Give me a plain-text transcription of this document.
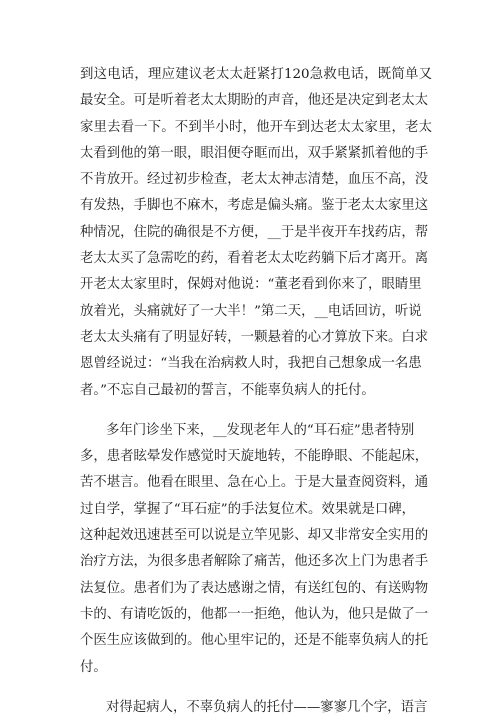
到这电话，理应建议老太太赶紧打120急救电话，既简单又
最安全。可是听着老太太期盼的声音，他还是决定到老太太
家里去看一下。不到半小时，他开车到达老太太家里，老太
太看到他的第一眼，眼泪便夺眶而出，双手紧紧抓着他的手
不肯放开。经过初步检查，老太太神志清楚，血压不高，没
有发热，手脚也不麻木，考虑是偏头痛。鉴于老太太家里这
种情况，住院的确很是不方便，__于是半夜开车找药店，帮
老太太买了急需吃的药，看着老太太吃药躺下后才离开。离
开老太太家里时，保姆对他说：“董老看到你来了，眼睛里
放着光，头痛就好了一大半！”第二天，__电话回访，听说
老太太头痛有了明显好转，一颗悬着的心才算放下来。白求
恩曾经说过：“当我在治病救人时，我把自己想象成一名患
者。”不忘自己最初的誓言，不能辜负病人的托付。
多年门诊坐下来，__发现老年人的“耳石症”患者特别
多，患者眩晕发作感觉时天旋地转，不能睁眼、不能起床，
苦不堪言。他看在眼里、急在心上。于是大量查阅资料，通
过自学，掌握了“耳石症”的手法复位术。效果就是口碑，
这种起效迅速甚至可以说是立竿见影、却又非常安全实用的
治疗方法，为很多患者解除了痛苦，他还多次上门为患者手
法复位。患者们为了表达感谢之情，有送红包的、有送购物
卡的、有请吃饭的，他都一一拒绝，他认为，他只是做了一
个医生应该做到的。他心里牢记的，还是不能辜负病人的托
付。
对得起病人，不辜负病人的托付——寥寥几个字，语言
